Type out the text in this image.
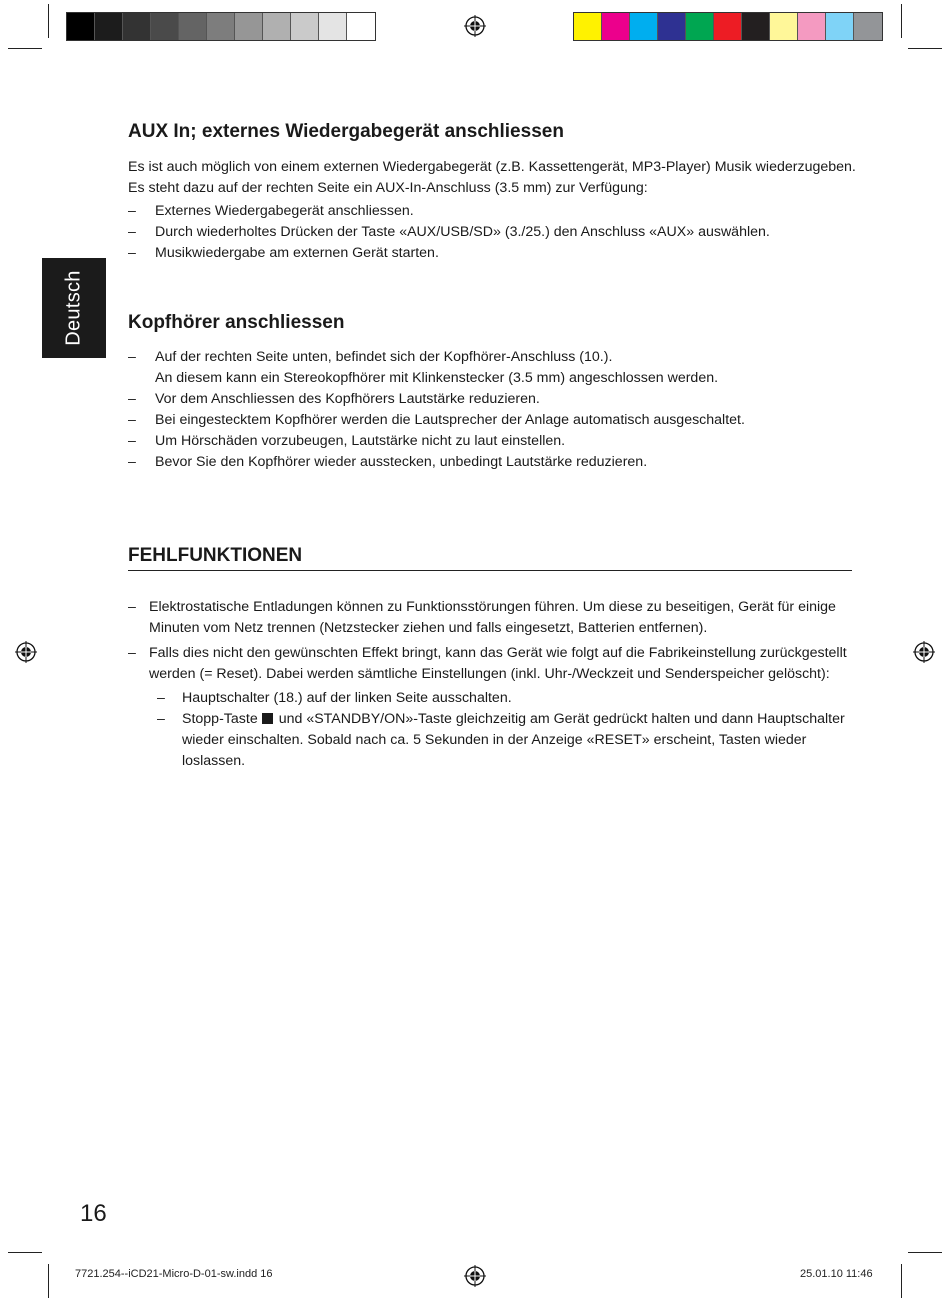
Deutsch
AUX In; externes Wiedergabegerät anschliessen

Es ist auch möglich von einem externen Wiedergabegerät (z.B. Kassettengerät, MP3-Player) Musik wiederzugeben.

Es steht dazu auf der rechten Seite ein AUX-In-Anschluss (3.5 mm) zur Verfügung:

– Externes Wiedergabegerät anschliessen.
– Durch wiederholtes Drücken der Taste «AUX/USB/SD» (3./25.) den Anschluss «AUX» auswählen.
– Musikwiedergabe am externen Gerät starten.
Kopfhörer anschliessen
– Auf der rechten Seite unten, befindet sich der Kopfhörer-Anschluss (10.).
An diesem kann ein Stereokopfhörer mit Klinkenstecker (3.5 mm) angeschlossen werden.
– Vor dem Anschliessen des Kopfhörers Lautstärke reduzieren.
– Bei eingestecktem Kopfhörer werden die Lautsprecher der Anlage automatisch ausgeschaltet.
– Um Hörschäden vorzubeugen, Lautstärke nicht zu laut einstellen.
– Bevor Sie den Kopfhörer wieder ausstecken, unbedingt Lautstärke reduzieren.
FEHLFUNKTIONEN
– Elektrostatische Entladungen können zu Funktionsstörungen führen. Um diese zu beseitigen, Gerät für einige Minuten vom Netz trennen (Netzstecker ziehen und falls eingesetzt, Batterien entfernen).
– Falls dies nicht den gewünschten Effekt bringt, kann das Gerät wie folgt auf die Fabrikeinstellung zurückgestellt werden (= Reset). Dabei werden sämtliche Einstellungen (inkl. Uhr-/Weckzeit und Senderspeicher gelöscht):
– Hauptschalter (18.) auf der linken Seite ausschalten.
– Stopp-Taste und «STANDBY/ON»-Taste gleichzeitig am Gerät gedrückt halten und dann Hauptschalter wieder einschalten. Sobald nach ca. 5 Sekunden in der Anzeige «RESET» erscheint, Tasten wieder loslassen.
16
7721.254--iCD21-Micro-D-01-sw.indd 16	25.01.10 11:46
